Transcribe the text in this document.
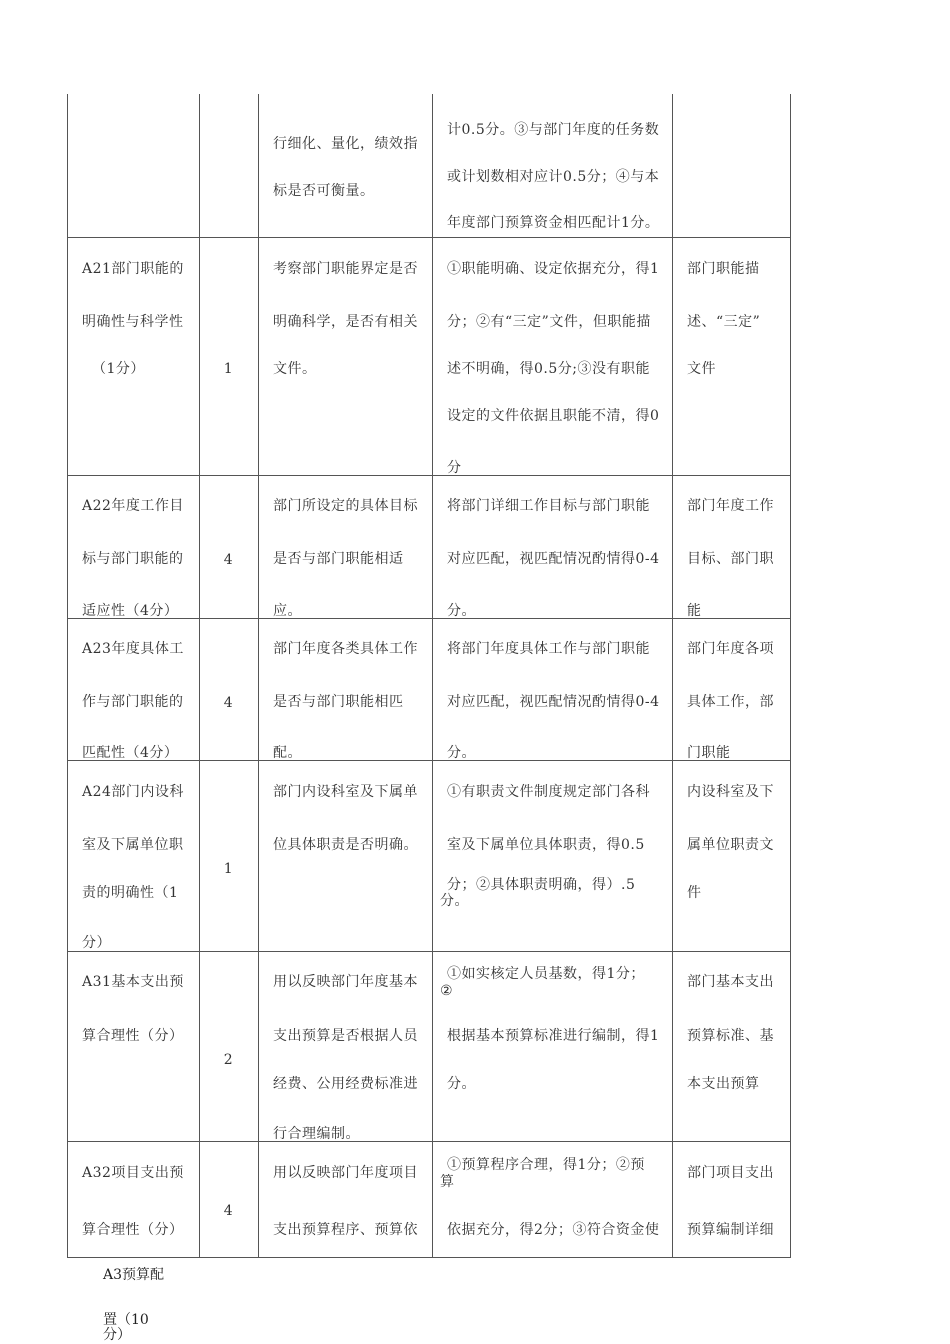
行细化、量化，绩效指
标是否可衡量。
计0.5分。③与部门年度的任务数
或计划数相对应计0.5分；④与本
年度部门预算资金相匹配计1分。
A21部门职能的
明确性与科学性
（1分）	1
考察部门职能界定是否
明确科学，是否有相关
文件。
①职能明确、设定依据充分，得1
分；②有“三定”文件，但职能描
述不明确，得0.5分;③没有职能
设定的文件依据且职能不清，得0
分
部门职能描
述、“三定”
文件
A22年度工作目
标与部门职能的
适应性（4分）
4
部门所设定的具体目标
是否与部门职能相适
应。
将部门详细工作目标与部门职能
对应匹配，视匹配情况酌情得0-4
分。
部门年度工作
目标、部门职
能
A23年度具体工
作与部门职能的
匹配性（4分）
4
部门年度各类具体工作
是否与部门职能相匹
配。
将部门年度具体工作与部门职能
对应匹配，视匹配情况酌情得0-4
分。
部门年度各项
具体工作，部
门职能
A24部门内设科
室及下属单位职
责的明确性（1
分）
1
部门内设科室及下属单
位具体职责是否明确。
①有职责文件制度规定部门各科
室及下属单位具体职责，得0.5
分；②具体职责明确，得）.5
分。
内设科室及下
属单位职责文
件
A31基本支出预
算合理性（分）
2
用以反映部门年度基本
支出预算是否根据人员
经费、公用经费标准进
行合理编制。
①如实核定人员基数，得1分；
②
根据基本预算标准进行编制，得1
分。
部门基本支出
预算标准、基
本支出预算
A32项目支出预
算合理性（分）
4
用以反映部门年度项目
支出预算程序、预算依
①预算程序合理，得1分；②预
算
依据充分，得2分；③符合资金使
部门项目支出
预算编制详细
A3预算配
置（10
分）
